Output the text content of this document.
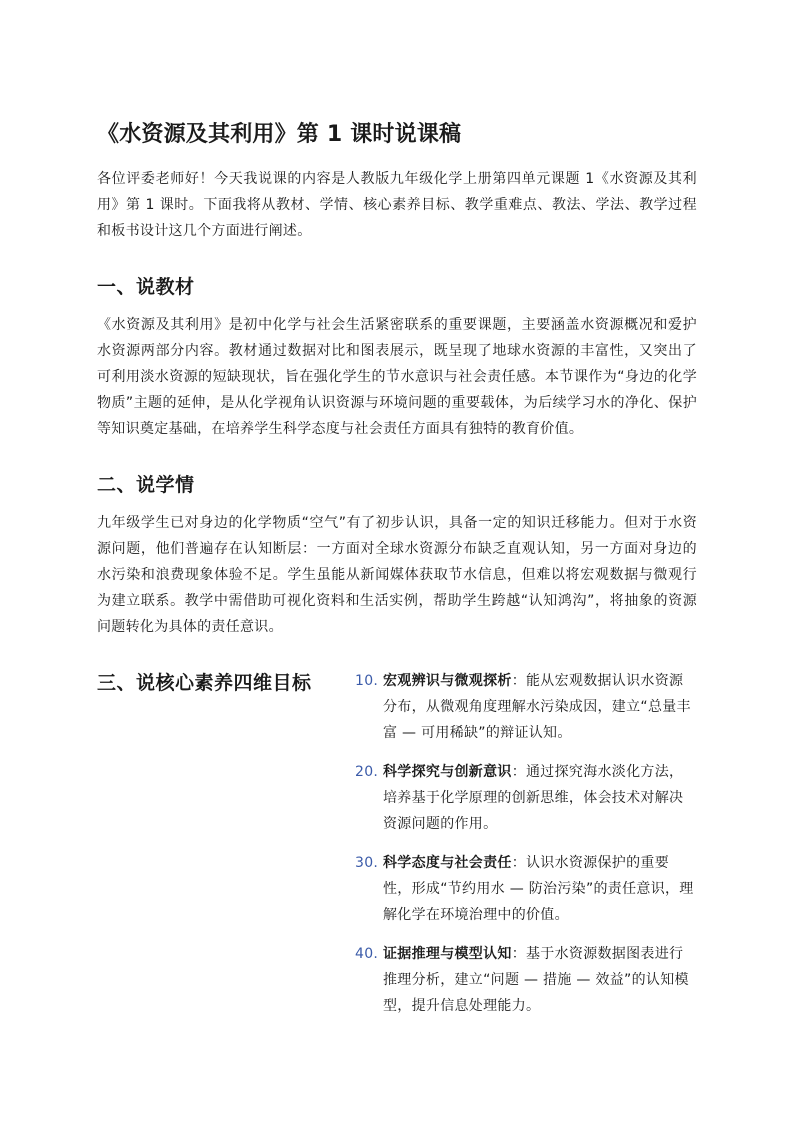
《水资源及其利用》第 1 课时说课稿

各位评委老师好！今天我说课的内容是人教版九年级化学上册第四单元课题 1《水资源及其利用》第 1 课时。下面我将从教材、学情、核心素养目标、教学重难点、教法、学法、教学过程和板书设计这几个方面进行阐述。

一、说教材

《水资源及其利用》是初中化学与社会生活紧密联系的重要课题，主要涵盖水资源概况和爱护水资源两部分内容。教材通过数据对比和图表展示，既呈现了地球水资源的丰富性，又突出了可利用淡水资源的短缺现状，旨在强化学生的节水意识与社会责任感。本节课作为“身边的化学物质”主题的延伸，是从化学视角认识资源与环境问题的重要载体，为后续学习水的净化、保护等知识奠定基础，在培养学生科学态度与社会责任方面具有独特的教育价值。

二、说学情

九年级学生已对身边的化学物质“空气”有了初步认识，具备一定的知识迁移能力。但对于水资源问题，他们普遍存在认知断层：一方面对全球水资源分布缺乏直观认知，另一方面对身边的水污染和浪费现象体验不足。学生虽能从新闻媒体获取节水信息，但难以将宏观数据与微观行为建立联系。教学中需借助可视化资料和生活实例，帮助学生跨越“认知鸿沟”，将抽象的资源问题转化为具体的责任意识。

三、说核心素养四维目标	10. 宏观辨识与微观探析：能从宏观数据认识水资源分布，从微观角度理解水污染成因，建立“总量丰富 — 可用稀缺”的辩证认知。
20. 科学探究与创新意识：通过探究海水淡化方法，培养基于化学原理的创新思维，体会技术对解决资源问题的作用。
30. 科学态度与社会责任：认识水资源保护的重要性，形成“节约用水 — 防治污染”的责任意识，理解化学在环境治理中的价值。
40. 证据推理与模型认知：基于水资源数据图表进行推理分析，建立“问题 — 措施 — 效益”的认知模型，提升信息处理能力。
